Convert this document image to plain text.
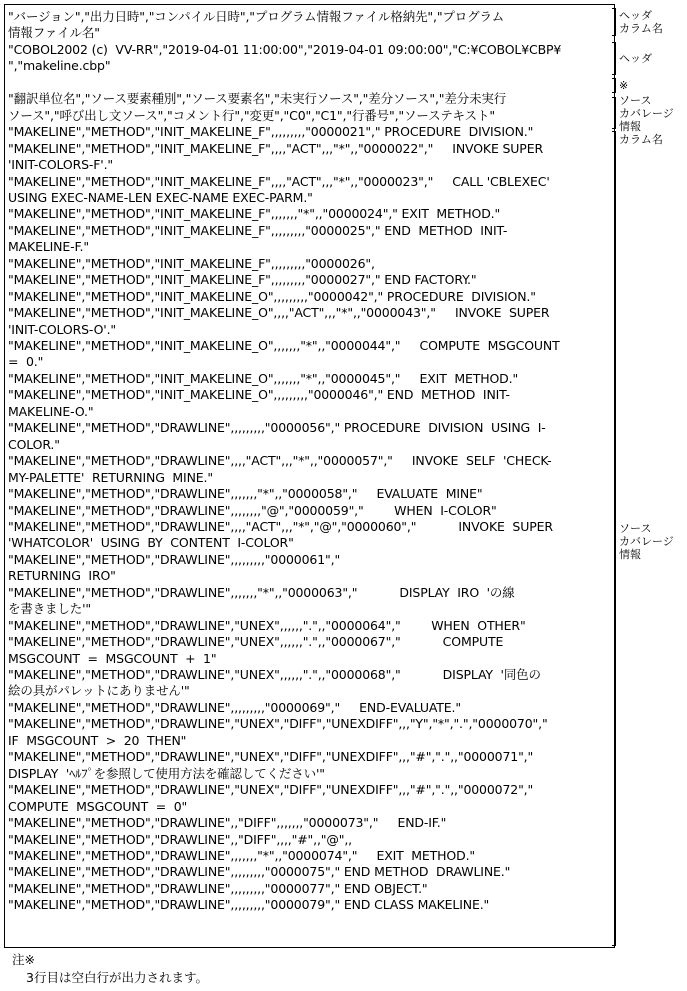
"バージョン","出力日時","コンパイル日時","プログラム情報ファイル格納先","プログラム
情報ファイル名"
"COBOL2002 (c)  VV-RR","2019-04-01 11:00:00","2019-04-01 09:00:00","C:¥COBOL¥CBP¥
","makeline.cbp"
"翻訳単位名","ソース要素種別","ソース要素名","未実行ソース","差分ソース","差分未実行
ソース","呼び出し文ソース","コメント行","変更","C0","C1","行番号","ソーステキスト"
"MAKELINE","METHOD","INIT_MAKELINE_F",,,,,,,,,"0000021"," PROCEDURE  DIVISION."
"MAKELINE","METHOD","INIT_MAKELINE_F",,,,"ACT",,,"*",,"0000022","     INVOKE SUPER
'INIT-COLORS-F'."
"MAKELINE","METHOD","INIT_MAKELINE_F",,,,"ACT",,,"*",,"0000023","     CALL 'CBLEXEC'
USING EXEC-NAME-LEN EXEC-NAME EXEC-PARM."
"MAKELINE","METHOD","INIT_MAKELINE_F",,,,,,,"*",,"0000024"," EXIT  METHOD."
"MAKELINE","METHOD","INIT_MAKELINE_F",,,,,,,,,"0000025"," END  METHOD  INIT-
MAKELINE-F."
"MAKELINE","METHOD","INIT_MAKELINE_F",,,,,,,,,"0000026",
"MAKELINE","METHOD","INIT_MAKELINE_F",,,,,,,,,"0000027"," END FACTORY."
"MAKELINE","METHOD","INIT_MAKELINE_O",,,,,,,,,"0000042"," PROCEDURE  DIVISION."
"MAKELINE","METHOD","INIT_MAKELINE_O",,,,"ACT",,,"*",,"0000043","     INVOKE  SUPER
'INIT-COLORS-O'."
"MAKELINE","METHOD","INIT_MAKELINE_O",,,,,,,"*",,"0000044","     COMPUTE  MSGCOUNT
=  0."
"MAKELINE","METHOD","INIT_MAKELINE_O",,,,,,,"*",,"0000045","     EXIT  METHOD."
"MAKELINE","METHOD","INIT_MAKELINE_O",,,,,,,,,"0000046"," END  METHOD  INIT-
MAKELINE-O."
"MAKELINE","METHOD","DRAWLINE",,,,,,,,,"0000056"," PROCEDURE  DIVISION  USING  I-
COLOR."
"MAKELINE","METHOD","DRAWLINE",,,,"ACT",,,"*",,"0000057","     INVOKE  SELF  'CHECK-
MY-PALETTE'  RETURNING  MINE."
"MAKELINE","METHOD","DRAWLINE",,,,,,,"*",,"0000058","     EVALUATE  MINE"
"MAKELINE","METHOD","DRAWLINE",,,,,,,,"@","0000059","        WHEN  I-COLOR"
"MAKELINE","METHOD","DRAWLINE",,,,"ACT",,,"*","@","0000060","           INVOKE  SUPER
'WHATCOLOR'  USING  BY  CONTENT  I-COLOR"
"MAKELINE","METHOD","DRAWLINE",,,,,,,,,"0000061","
RETURNING  IRO"
"MAKELINE","METHOD","DRAWLINE",,,,,,,"*",,"0000063","           DISPLAY  IRO  'の線
を書きました'"
"MAKELINE","METHOD","DRAWLINE","UNEX",,,,,,".",,"0000064","        WHEN  OTHER"
"MAKELINE","METHOD","DRAWLINE","UNEX",,,,,,".",,"0000067","           COMPUTE
MSGCOUNT  =  MSGCOUNT  +  1"
"MAKELINE","METHOD","DRAWLINE","UNEX",,,,,,".",,"0000068","           DISPLAY  '同色の
絵の具がパレットにありません'"
"MAKELINE","METHOD","DRAWLINE",,,,,,,,,"0000069","     END-EVALUATE."
"MAKELINE","METHOD","DRAWLINE","UNEX","DIFF","UNEXDIFF",,,"Y","*",".","0000070","
IF  MSGCOUNT  >  20  THEN"
"MAKELINE","METHOD","DRAWLINE","UNEX","DIFF","UNEXDIFF",,,"#",".",,"0000071","
DISPLAY  'ﾍﾙﾌﾟを参照して使用方法を確認してください'"
"MAKELINE","METHOD","DRAWLINE","UNEX","DIFF","UNEXDIFF",,,"#",".",,"0000072","
COMPUTE  MSGCOUNT  =  0"
"MAKELINE","METHOD","DRAWLINE",,"DIFF",,,,,,,"0000073","     END-IF."
"MAKELINE","METHOD","DRAWLINE",,"DIFF",,,,"#",,"@",,
"MAKELINE","METHOD","DRAWLINE",,,,,,,"*",,"0000074","     EXIT  METHOD."
"MAKELINE","METHOD","DRAWLINE",,,,,,,,,"0000075"," END METHOD  DRAWLINE."
"MAKELINE","METHOD","DRAWLINE",,,,,,,,,"0000077"," END OBJECT."
"MAKELINE","METHOD","DRAWLINE",,,,,,,,,"0000079"," END CLASS MAKELINE."
ヘッダ
カラム名
ヘッダ
※
ソース
カバレージ
情報
カラム名
ソース
カバレージ
情報
注※
3行目は空白行が出力されます。
